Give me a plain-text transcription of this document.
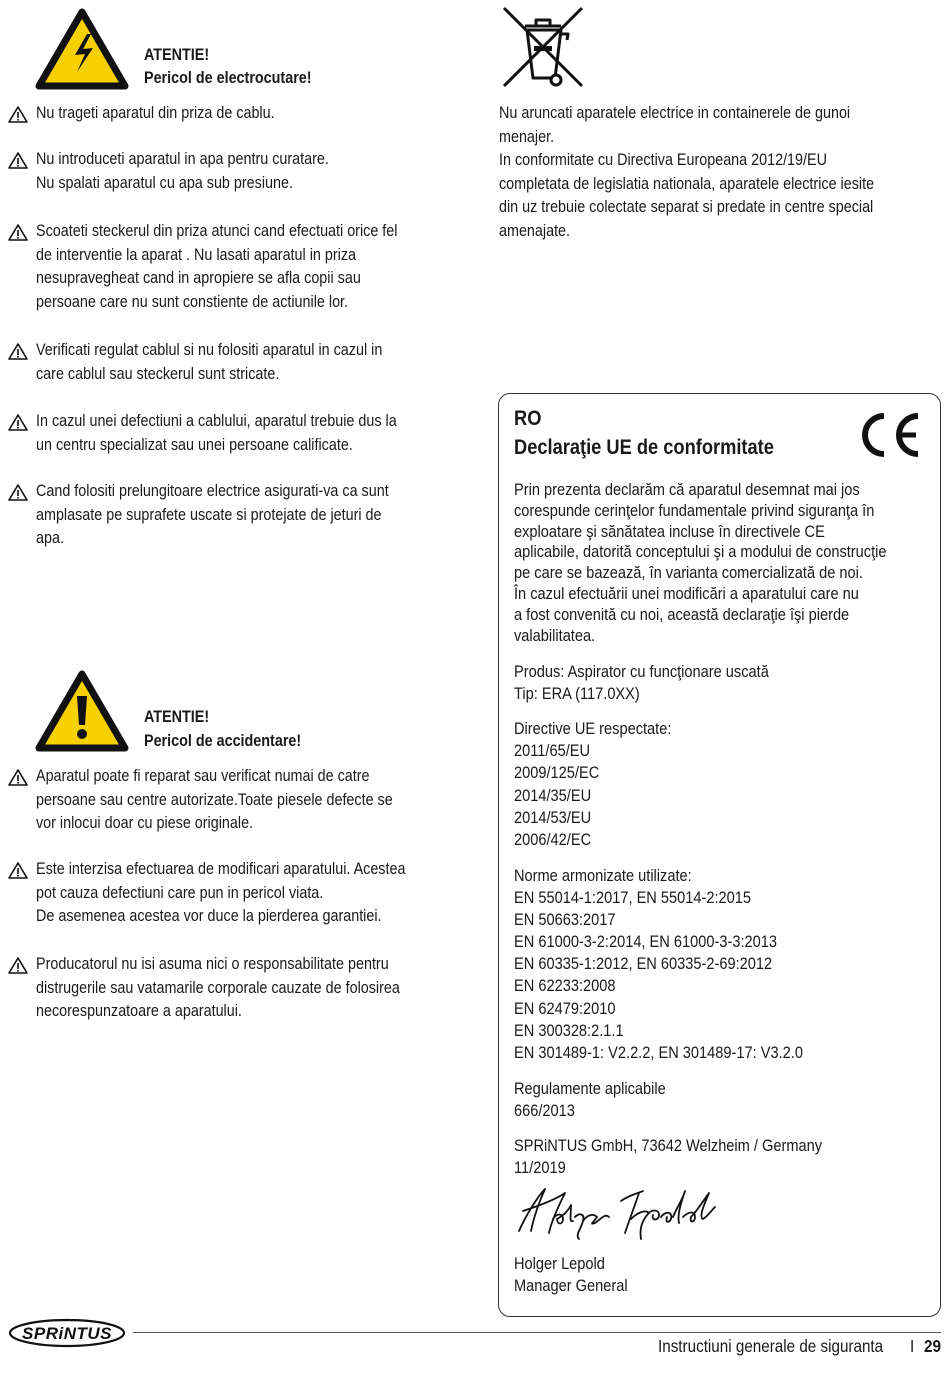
ATENTIE!
Pericol de electrocutare!
Nu trageti aparatul din priza de cablu.
Nu introduceti aparatul in apa pentru curatare.
Nu spalati aparatul cu apa sub presiune.
Scoateti steckerul din priza atunci cand efectuati orice fel
de interventie la aparat . Nu lasati aparatul in priza
nesupravegheat cand in apropiere se afla copii sau
persoane care nu sunt constiente de actiunile lor.
Verificati regulat cablul si nu folositi aparatul in cazul in
care cablul sau steckerul sunt stricate.
In cazul unei defectiuni a cablului, aparatul trebuie dus la
un centru specializat sau unei persoane calificate.
Cand folositi prelungitoare electrice asigurati-va ca sunt
amplasate pe suprafete uscate si protejate de jeturi de
apa.
ATENTIE!
Pericol de accidentare!
Aparatul poate fi reparat sau verificat numai de catre
persoane sau centre autorizate.Toate piesele defecte se
vor inlocui doar cu piese originale.
Este interzisa efectuarea de modificari aparatului. Acestea
pot cauza defectiuni care pun in pericol viata.
De asemenea acestea vor duce la pierderea garantiei.
Producatorul nu isi asuma nici o responsabilitate pentru
distrugerile sau vatamarile corporale cauzate de folosirea
necorespunzatoare a aparatului.
Nu aruncati aparatele electrice in containerele de gunoi
menajer.
In conformitate cu Directiva Europeana 2012/19/EU
completata de legislatia nationala, aparatele electrice iesite
din uz trebuie colectate separat si predate in centre special
amenajate.
RO
Declaraţie UE de conformitate
Prin prezenta declarăm că aparatul desemnat mai jos
corespunde cerinţelor fundamentale privind siguranţa în
exploatare şi sănătatea incluse în directivele CE
aplicabile, datorită conceptului şi a modului de construcţie
pe care se bazează, în varianta comercializată de noi.
În cazul efectuării unei modificări a aparatului care nu
a fost convenită cu noi, această declaraţie îşi pierde
valabilitatea.
Produs: Aspirator cu funcţionare uscată
Tip: ERA (117.0XX)
Directive UE respectate:
2011/65/EU
2009/125/EC
2014/35/EU
2014/53/EU
2006/42/EC
Norme armonizate utilizate:
EN 55014-1:2017, EN 55014-2:2015
EN 50663:2017
EN 61000-3-2:2014, EN 61000-3-3:2013
EN 60335-1:2012, EN 60335-2-69:2012
EN 62233:2008
EN 62479:2010
EN 300328:2.1.1
EN 301489-1: V2.2.2, EN 301489-17: V3.2.0
Regulamente aplicabile
666/2013
SPRiNTUS GmbH, 73642 Welzheim / Germany
11/2019
Holger Lepold
Manager General
SPRiNTUS
Instructiuni generale de siguranta I 29
